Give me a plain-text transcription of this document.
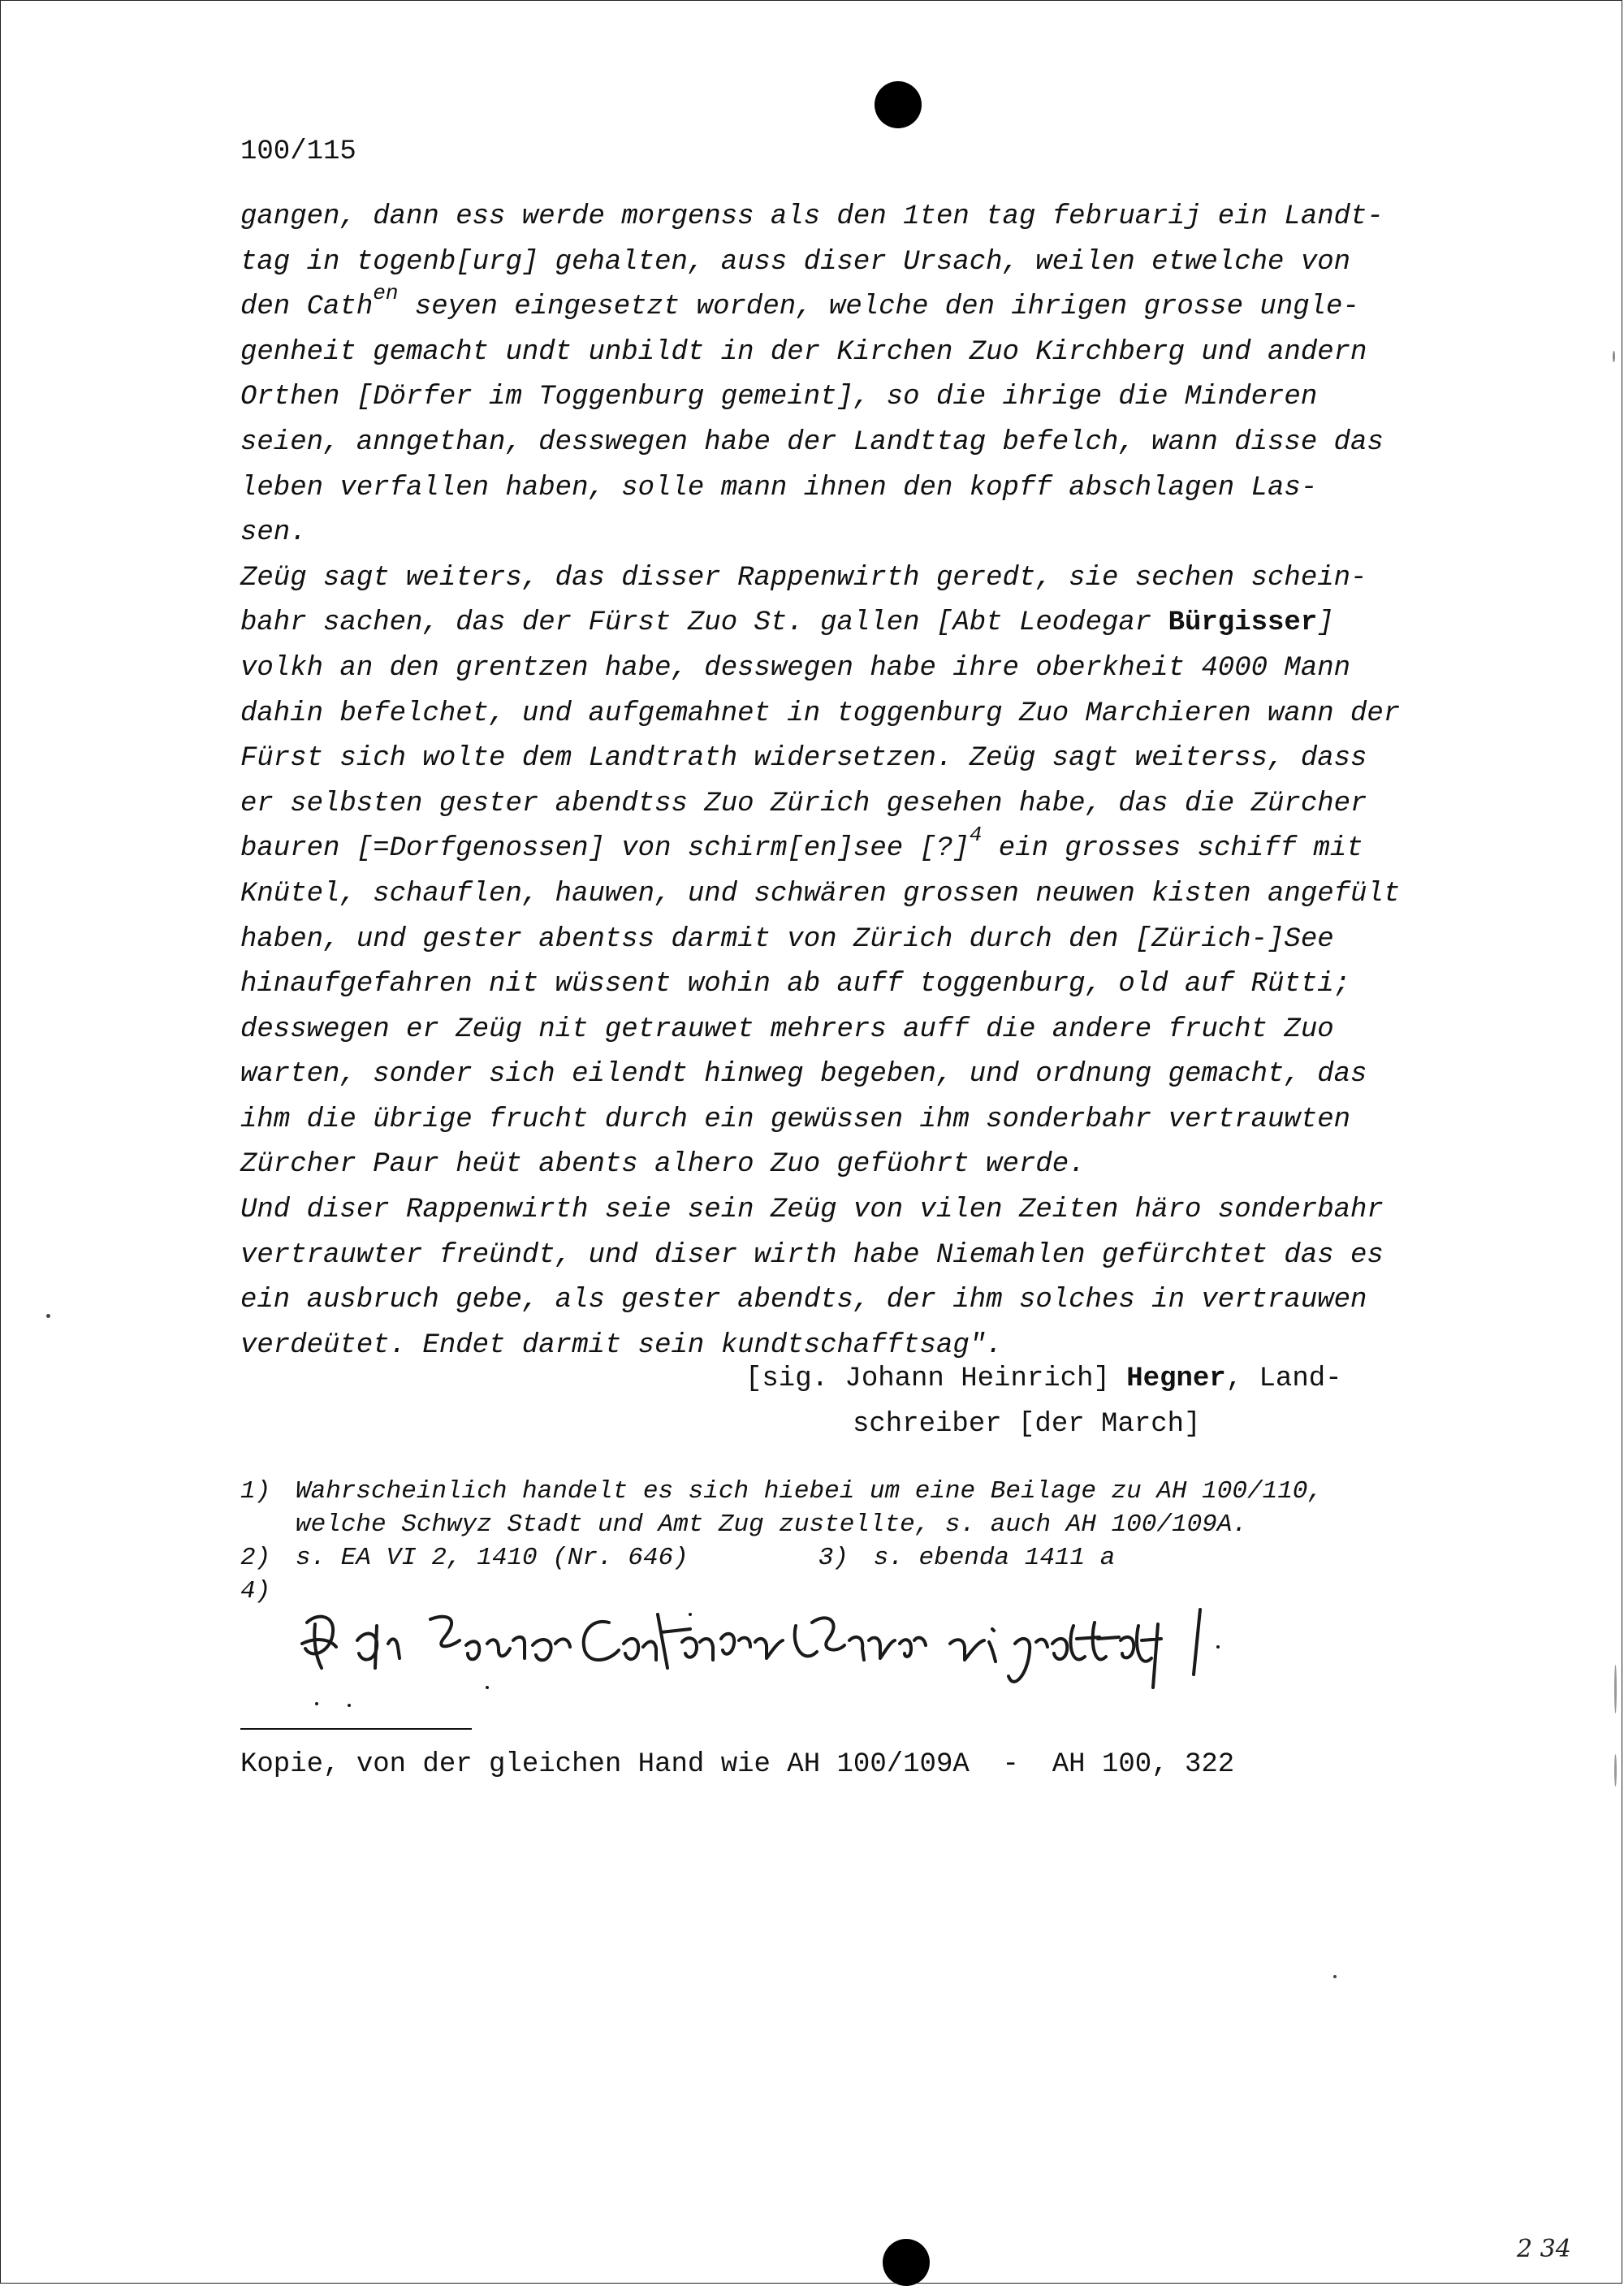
100/115
gangen, dann ess werde morgenss als den 1ten tag februarij ein Landt-
tag in togenb[urg] gehalten, auss diser Ursach, weilen etwelche von
den Cath$^{en}$ seyen eingesetzt worden, welche den ihrigen grosse ungle-
genheit gemacht undt unbildt in der Kirchen Zuo Kirchberg und andern
Orthen [Dörfer im Toggenburg gemeint], so die ihrige die Minderen
seien, anngethan, desswegen habe der Landttag befelch, wann disse das
leben verfallen haben, solle mann ihnen den kopff abschlagen Las-
sen.
Zeüg sagt weiters, das disser Rappenwirth geredt, sie sechen schein-
bahr sachen, das der Fürst Zuo St. gallen [Abt Leodegar Bürgisser]
volkh an den grentzen habe, desswegen habe ihre oberkheit 4000 Mann
dahin befelchet, und aufgemahnet in toggenburg Zuo Marchieren wann der
Fürst sich wolte dem Landtrath widersetzen. Zeüg sagt weiterss, dass
er selbsten gester abendtss Zuo Zürich gesehen habe, das die Zürcher
bauren [=Dorfgenossen] von schirm[en]see [?]$^4$ ein grosses schiff mit
Knütel, schauflen, hauwen, und schwären grossen neuwen kisten angefült
haben, und gester abentss darmit von Zürich durch den [Zürich-]See
hinaufgefahren nit wüssent wohin ab auff toggenburg, old auf Rütti;
desswegen er Zeüg nit getrauwet mehrers auff die andere frucht Zuo
warten, sonder sich eilendt hinweg begeben, und ordnung gemacht, das
ihm die übrige frucht durch ein gewüssen ihm sonderbahr vertrauwten
Zürcher Paur heüt abents alhero Zuo gefüohrt werde.
Und diser Rappenwirth seie sein Zeüg von vilen Zeiten häro sonderbahr
vertrauwter freündt, und diser wirth habe Niemahlen gefürchtet das es
ein ausbruch gebe, als gester abendts, der ihm solches in vertrauwen
verdeütet. Endet darmit sein kundtschafftsag".
[sig. Johann Heinrich] Hegner, Land-
schreiber [der March]
1) Wahrscheinlich handelt es sich hiebei um eine Beilage zu AH 100/110,
welche Schwyz Stadt und Amt Zug zustellte, s. auch AH 100/109A.
2) s. EA VI 2, 1410 (Nr. 646)	3) s. ebenda 1411 a
4)
Kopie, von der gleichen Hand wie AH 100/109A  -  AH 100, 322
2 34
